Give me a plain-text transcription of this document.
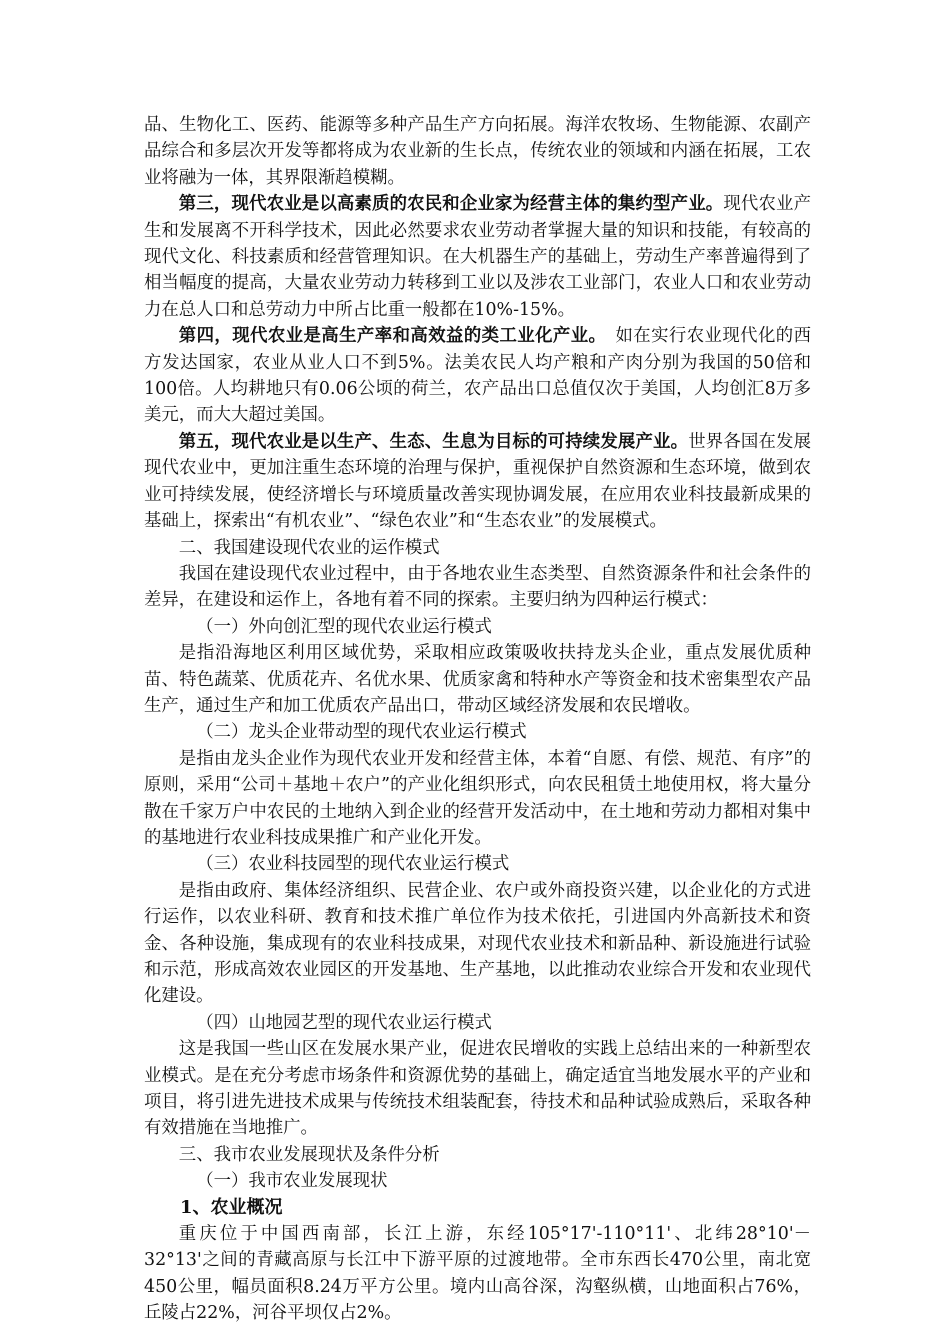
品、生物化工、医药、能源等多种产品生产方向拓展。海洋农牧场、生物能源、农副产品综合和多层次开发等都将成为农业新的生长点，传统农业的领域和内涵在拓展，工农业将融为一体，其界限渐趋模糊。

第三，现代农业是以高素质的农民和企业家为经营主体的集约型产业。现代农业产生和发展离不开科学技术，因此必然要求农业劳动者掌握大量的知识和技能，有较高的现代文化、科技素质和经营管理知识。在大机器生产的基础上，劳动生产率普遍得到了相当幅度的提高，大量农业劳动力转移到工业以及涉农工业部门，农业人口和农业劳动力在总人口和总劳动力中所占比重一般都在10%-15%。

第四，现代农业是高生产率和高效益的类工业化产业。　如在实行农业现代化的西方发达国家，农业从业人口不到5%。法美农民人均产粮和产肉分别为我国的50倍和100倍。人均耕地只有0.06公顷的荷兰，农产品出口总值仅次于美国，人均创汇8万多美元，而大大超过美国。

第五，现代农业是以生产、生态、生息为目标的可持续发展产业。世界各国在发展现代农业中，更加注重生态环境的治理与保护，重视保护自然资源和生态环境，做到农业可持续发展，使经济增长与环境质量改善实现协调发展，在应用农业科技最新成果的基础上，探索出“有机农业”、“绿色农业”和“生态农业”的发展模式。

二、我国建设现代农业的运作模式

我国在建设现代农业过程中，由于各地农业生态类型、自然资源条件和社会条件的差异，在建设和运作上，各地有着不同的探索。主要归纳为四种运行模式：

（一）外向创汇型的现代农业运行模式

是指沿海地区利用区域优势，采取相应政策吸收扶持龙头企业，重点发展优质种苗、特色蔬菜、优质花卉、名优水果、优质家禽和特种水产等资金和技术密集型农产品生产，通过生产和加工优质农产品出口，带动区域经济发展和农民增收。

（二）龙头企业带动型的现代农业运行模式

是指由龙头企业作为现代农业开发和经营主体，本着“自愿、有偿、规范、有序”的原则，采用“公司＋基地＋农户”的产业化组织形式，向农民租赁土地使用权，将大量分散在千家万户中农民的土地纳入到企业的经营开发活动中，在土地和劳动力都相对集中的基地进行农业科技成果推广和产业化开发。

（三）农业科技园型的现代农业运行模式

是指由政府、集体经济组织、民营企业、农户或外商投资兴建，以企业化的方式进行运作，以农业科研、教育和技术推广单位作为技术依托，引进国内外高新技术和资金、各种设施，集成现有的农业科技成果，对现代农业技术和新品种、新设施进行试验和示范，形成高效农业园区的开发基地、生产基地，以此推动农业综合开发和农业现代化建设。

（四）山地园艺型的现代农业运行模式

这是我国一些山区在发展水果产业，促进农民增收的实践上总结出来的一种新型农业模式。是在充分考虑市场条件和资源优势的基础上，确定适宜当地发展水平的产业和项目，将引进先进技术成果与传统技术组装配套，待技术和品种试验成熟后，采取各种有效措施在当地推广。

三、我市农业发展现状及条件分析

（一）我市农业发展现状

1、农业概况

重庆位于中国西南部，长江上游，东经105°17'-110°11'、北纬28°10'－32°13'之间的青藏高原与长江中下游平原的过渡地带。全市东西长470公里，南北宽450公里，幅员面积8.24万平方公里。境内山高谷深，沟壑纵横，山地面积占76%，丘陵占22%，河谷平坝仅占2%。
